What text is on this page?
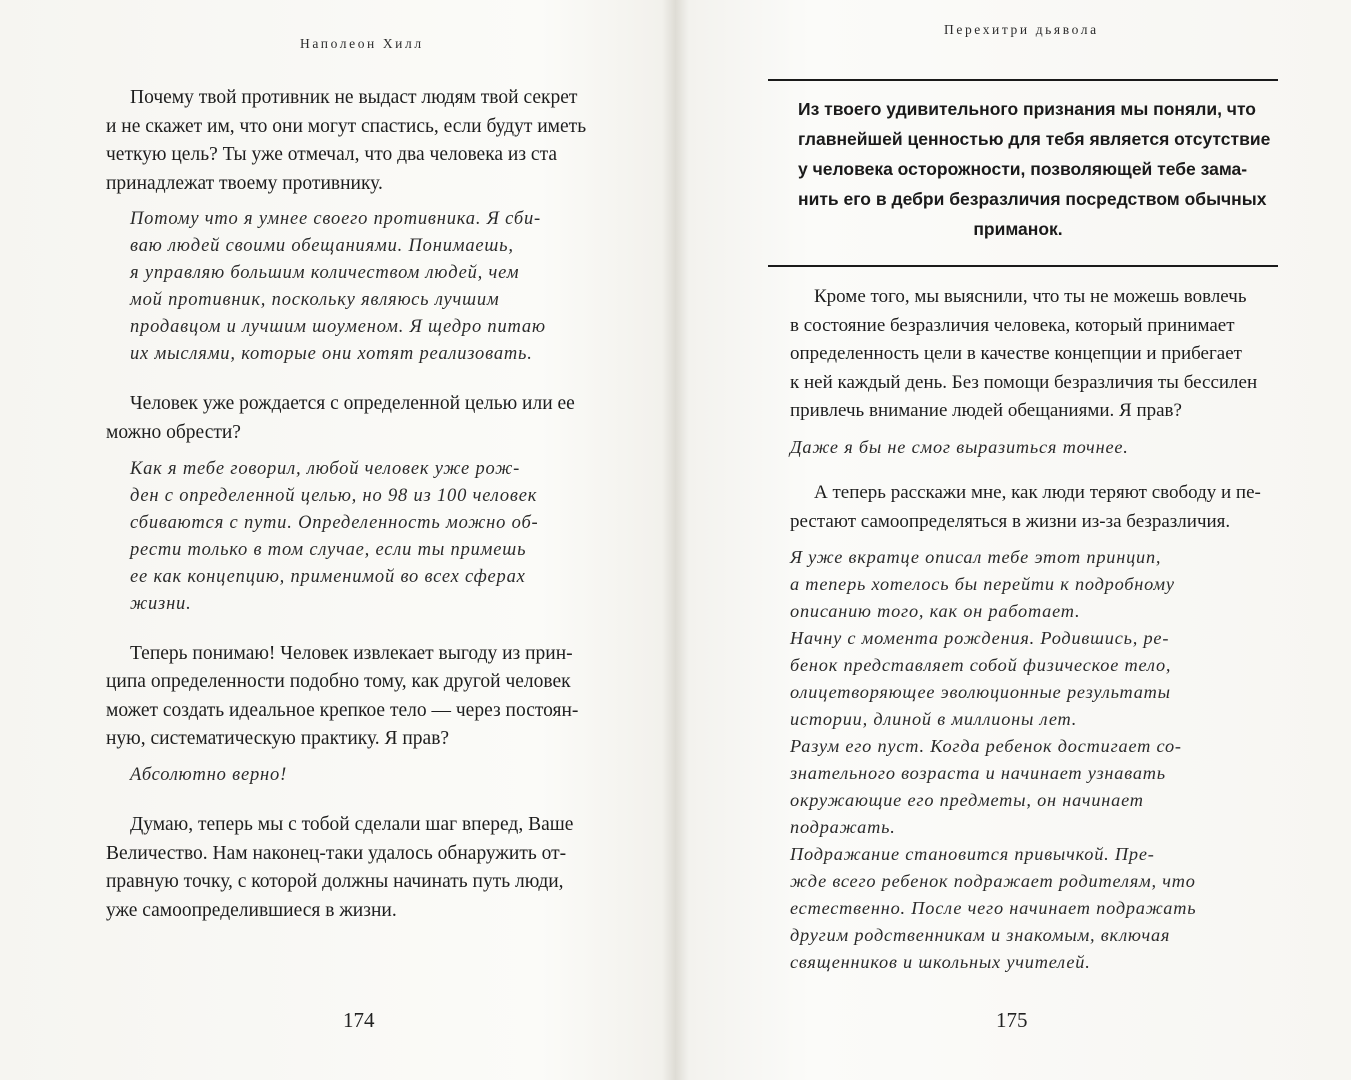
Наполеон Хилл
Почему твой противник не выдаст людям твой секрет
и не скажет им, что они могут спастись, если будут иметь
четкую цель? Ты уже отмечал, что два человека из ста
принадлежат твоему противнику.
Потому что я умнее своего противника. Я сби-
ваю людей своими обещаниями. Понимаешь,
я управляю большим количеством людей, чем
мой противник, поскольку являюсь лучшим
продавцом и лучшим шоуменом. Я щедро питаю
их мыслями, которые они хотят реализовать.
Человек уже рождается с определенной целью или ее
можно обрести?
Как я тебе говорил, любой человек уже рож-
ден с определенной целью, но 98 из 100 человек
сбиваются с пути. Определенность можно об-
рести только в том случае, если ты примешь
ее как концепцию, применимой во всех сферах
жизни.
Теперь понимаю! Человек извлекает выгоду из прин-
ципа определенности подобно тому, как другой человек
может создать идеальное крепкое тело — через постоян-
ную, систематическую практику. Я прав?
Абсолютно верно!
Думаю, теперь мы с тобой сделали шаг вперед, Ваше
Величество. Нам наконец-таки удалось обнаружить от-
правную точку, с которой должны начинать путь люди,
уже самоопределившиеся в жизни.
174
Перехитри дьявола
Из твоего удивительного признания мы поняли, что
главнейшей ценностью для тебя является отсутствие
у человека осторожности, позволяющей тебе зама-
нить его в дебри безразличия посредством обычных
приманок.
Кроме того, мы выяснили, что ты не можешь вовлечь
в состояние безразличия человека, который принимает
определенность цели в качестве концепции и прибегает
к ней каждый день. Без помощи безразличия ты бессилен
привлечь внимание людей обещаниями. Я прав?
Даже я бы не смог выразиться точнее.
А теперь расскажи мне, как люди теряют свободу и пе-
рестают самоопределяться в жизни из-за безразличия.
Я уже вкратце описал тебе этот принцип,
а теперь хотелось бы перейти к подробному
описанию того, как он работает.
Начну с момента рождения. Родившись, ре-
бенок представляет собой физическое тело,
олицетворяющее эволюционные результаты
истории, длиной в миллионы лет.
Разум его пуст. Когда ребенок достигает со-
знательного возраста и начинает узнавать
окружающие его предметы, он начинает
подражать.
Подражание становится привычкой. Пре-
жде всего ребенок подражает родителям, что
естественно. После чего начинает подражать
другим родственникам и знакомым, включая
священников и школьных учителей.
175
